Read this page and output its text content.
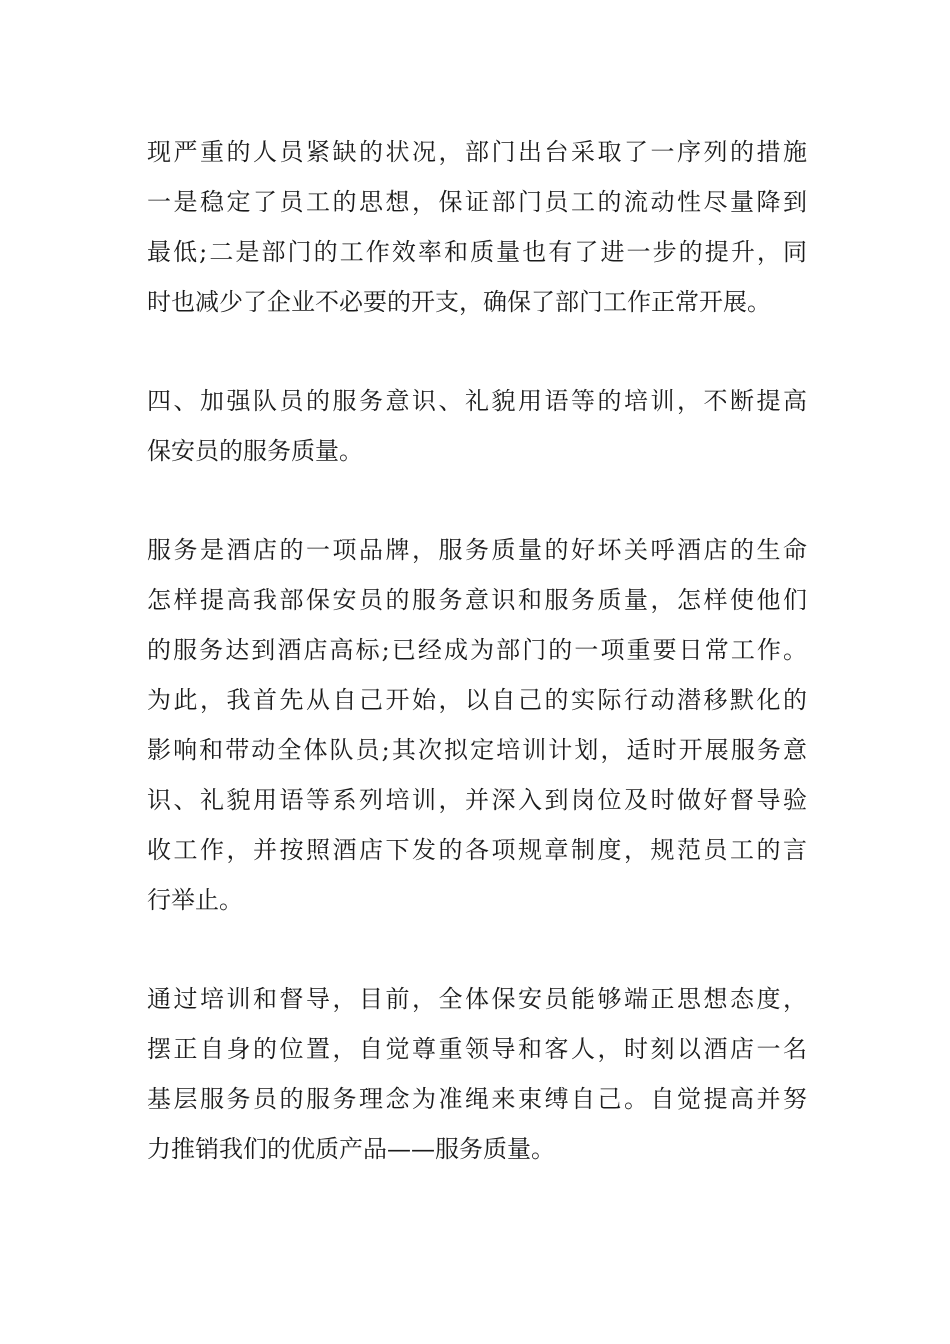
现严重的人员紧缺的状况，部门出台采取了一序列的措施
一是稳定了员工的思想，保证部门员工的流动性尽量降到
最低;二是部门的工作效率和质量也有了进一步的提升，同
时也减少了企业不必要的开支，确保了部门工作正常开展。
四、加强队员的服务意识、礼貌用语等的培训，不断提高
保安员的服务质量。
服务是酒店的一项品牌，服务质量的好坏关呼酒店的生命
怎样提高我部保安员的服务意识和服务质量，怎样使他们
的服务达到酒店高标;已经成为部门的一项重要日常工作。
为此，我首先从自己开始，以自己的实际行动潜移默化的
影响和带动全体队员;其次拟定培训计划，适时开展服务意
识、礼貌用语等系列培训，并深入到岗位及时做好督导验
收工作，并按照酒店下发的各项规章制度，规范员工的言
行举止。
通过培训和督导，目前，全体保安员能够端正思想态度，
摆正自身的位置，自觉尊重领导和客人，时刻以酒店一名
基层服务员的服务理念为准绳来束缚自己。自觉提高并努
力推销我们的优质产品——服务质量。
